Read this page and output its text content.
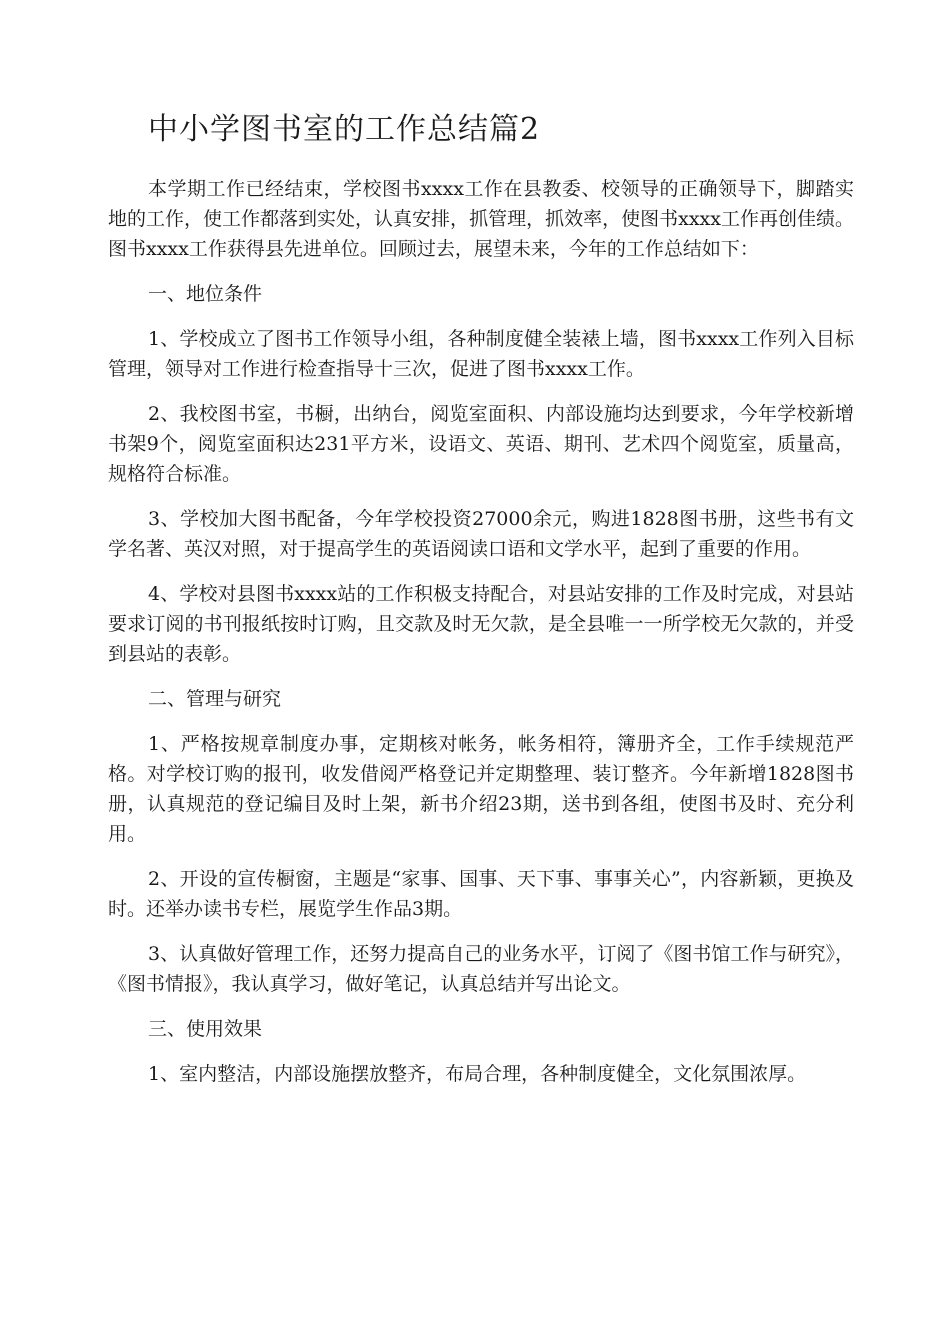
中小学图书室的工作总结篇2

本学期工作已经结束，学校图书xxxx工作在县教委、校领导的正确领导下，脚踏实地的工作，使工作都落到实处，认真安排，抓管理，抓效率，使图书xxxx工作再创佳绩。图书xxxx工作获得县先进单位。回顾过去，展望未来，今年的工作总结如下：

一、地位条件

1、学校成立了图书工作领导小组，各种制度健全装裱上墙，图书xxxx工作列入目标管理，领导对工作进行检查指导十三次，促进了图书xxxx工作。

2、我校图书室，书橱，出纳台，阅览室面积、内部设施均达到要求，今年学校新增书架9个，阅览室面积达231平方米，设语文、英语、期刊、艺术四个阅览室，质量高，规格符合标准。

3、学校加大图书配备，今年学校投资27000余元，购进1828图书册，这些书有文学名著、英汉对照，对于提高学生的英语阅读口语和文学水平，起到了重要的作用。

4、学校对县图书xxxx站的工作积极支持配合，对县站安排的工作及时完成，对县站要求订阅的书刊报纸按时订购，且交款及时无欠款，是全县唯一一所学校无欠款的，并受到县站的表彰。

二、管理与研究

1、严格按规章制度办事，定期核对帐务，帐务相符，簿册齐全，工作手续规范严格。对学校订购的报刊，收发借阅严格登记并定期整理、装订整齐。今年新增1828图书册，认真规范的登记编目及时上架，新书介绍23期，送书到各组，使图书及时、充分利用。

2、开设的宣传橱窗，主题是“家事、国事、天下事、事事关心”，内容新颖，更换及时。还举办读书专栏，展览学生作品3期。

3、认真做好管理工作，还努力提高自己的业务水平，订阅了《图书馆工作与研究》，《图书情报》，我认真学习，做好笔记，认真总结并写出论文。

三、使用效果

1、室内整洁，内部设施摆放整齐，布局合理，各种制度健全，文化氛围浓厚。
